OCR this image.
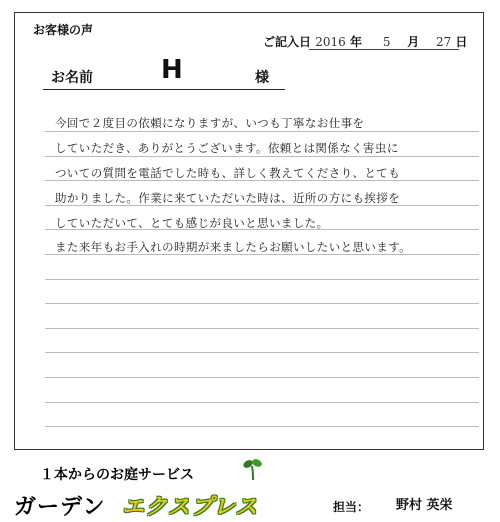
お客様の声
ご記入日 2016 年 5 月 27 日
お名前	H	様
今回で２度目の依頼になりますが、いつも丁寧なお仕事を
していただき、ありがとうございます。依頼とは関係なく害虫に
ついての質問を電話でした時も、詳しく教えてくださり、とても
助かりました。作業に来ていただいた時は、近所の方にも挨拶を
していただいて、とても感じが良いと思いました。
また来年もお手入れの時期が来ましたらお願いしたいと思います。
１本からのお庭サービス
ガーデン エクスプレス	担当： 野村 英栄
